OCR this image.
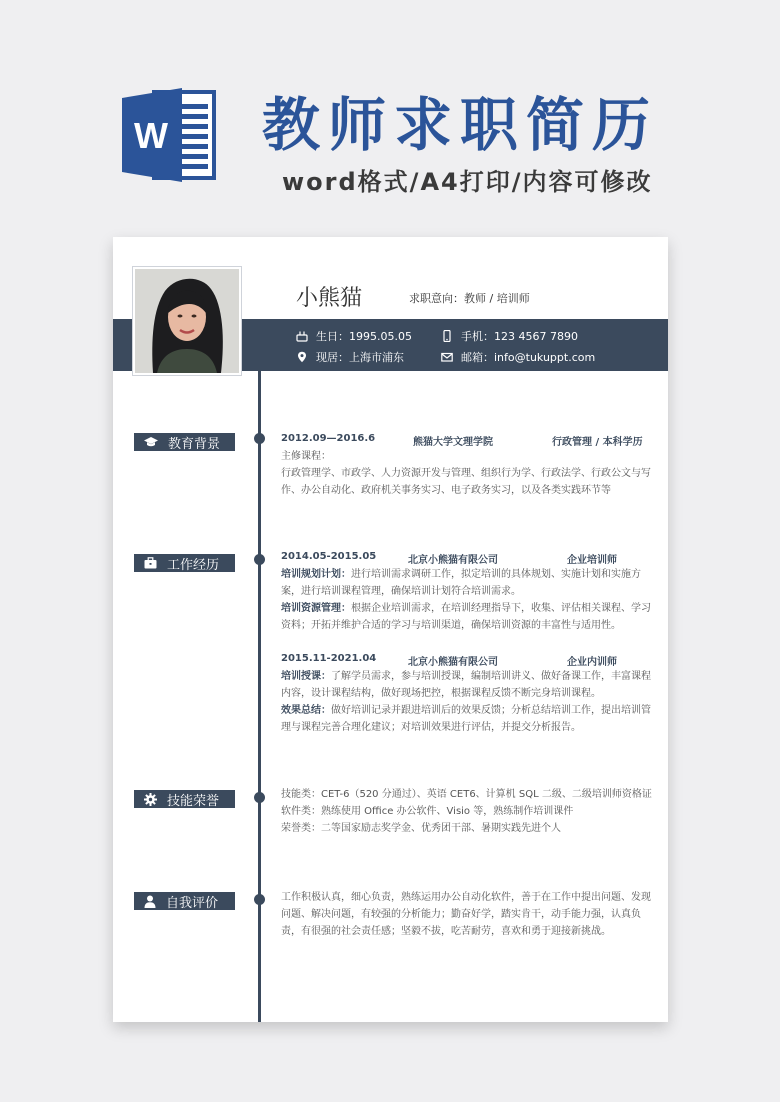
W 教师求职简历
word格式/A4打印/内容可修改
小熊猫	求职意向：教师 / 培训师
生日：1995.05.05	手机：123 4567 7890
现居：上海市浦东	邮箱：info@tukuppt.com
教育背景	2012.09—2016.6	熊猫大学文理学院	行政管理 / 本科学历

主修课程：

行政管理学、市政学、人力资源开发与管理、组织行为学、行政法学、行政公文与写作、办公自动化、政府机关事务实习、电子政务实习，以及各类实践环节等

工作经历
2014.05-2015.05	北京小熊猫有限公司	企业培训师

培训规划计划：进行培训需求调研工作，拟定培训的具体规划、实施计划和实施方案，进行培训课程管理，确保培训计划符合培训需求。

培训资源管理：根据企业培训需求，在培训经理指导下，收集、评估相关课程、学习资料；开拓并维护合适的学习与培训渠道，确保培训资源的丰富性与适用性。

2015.11-2021.04	北京小熊猫有限公司	企业内训师

培训授课：了解学员需求，参与培训授课，编制培训讲义、做好备课工作，丰富课程内容，设计课程结构，做好现场把控，根据课程反馈不断完身培训课程。

效果总结：做好培训记录并跟进培训后的效果反馈；分析总结培训工作，提出培训管理与课程完善合理化建议；对培训效果进行评估，并提交分析报告。

技能荣誉	技能类：CET-6（520 分通过）、英语 CET6、计算机 SQL 二级、二级培训师资格证

软件类：熟练使用 Office 办公软件、Visio 等，熟练制作培训课件

荣誉类：二等国家励志奖学金、优秀团干部、暑期实践先进个人

自我评价	工作积极认真，细心负责，熟练运用办公自动化软件，善于在工作中提出问题、发现问题、解决问题，有较强的分析能力；勤奋好学，踏实肯干，动手能力强，认真负责，有很强的社会责任感；坚毅不拔，吃苦耐劳，喜欢和勇于迎接新挑战。
